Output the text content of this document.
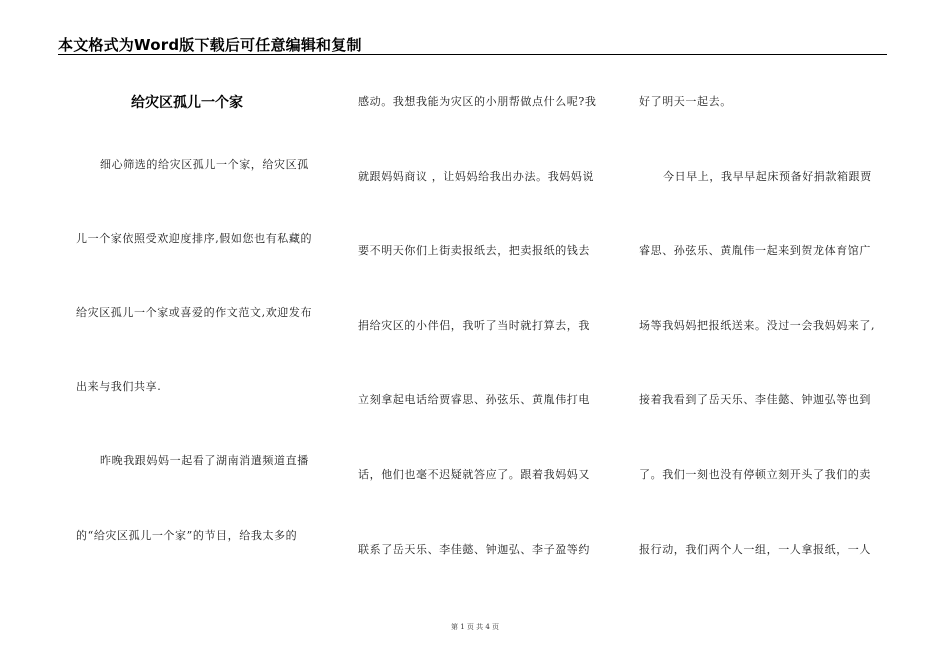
本文格式为Word版下载后可任意编辑和复制
给灾区孤儿一个家
细心筛选的给灾区孤儿一个家，给灾区孤
儿一个家依照受欢迎度排序,假如您也有私藏的
给灾区孤儿一个家或喜爱的作文范文,欢迎发布
出来与我们共享.
昨晚我跟妈妈一起看了湖南消遣频道直播
的“给灾区孤儿一个家”的节目，给我太多的
感动。我想我能为灾区的小朋帮做点什么呢?我
就跟妈妈商议 ，让妈妈给我出办法。我妈妈说
要不明天你们上街卖报纸去，把卖报纸的钱去
捐给灾区的小伴侣，我听了当时就打算去，我
立刻拿起电话给贾睿思、孙弦乐、黄胤伟打电
话，他们也毫不迟疑就答应了。跟着我妈妈又
联系了岳天乐、李佳懿、钟迦弘、李子盈等约
好了明天一起去。
今日早上，我早早起床预备好捐款箱跟贾
睿思、孙弦乐、黄胤伟一起来到贺龙体育馆广
场等我妈妈把报纸送来。没过一会我妈妈来了,
接着我看到了岳天乐、李佳懿、钟迦弘等也到
了。我们一刻也没有停顿立刻开头了我们的卖
报行动，我们两个人一组，一人拿报纸，一人
第 1 页 共 4 页
